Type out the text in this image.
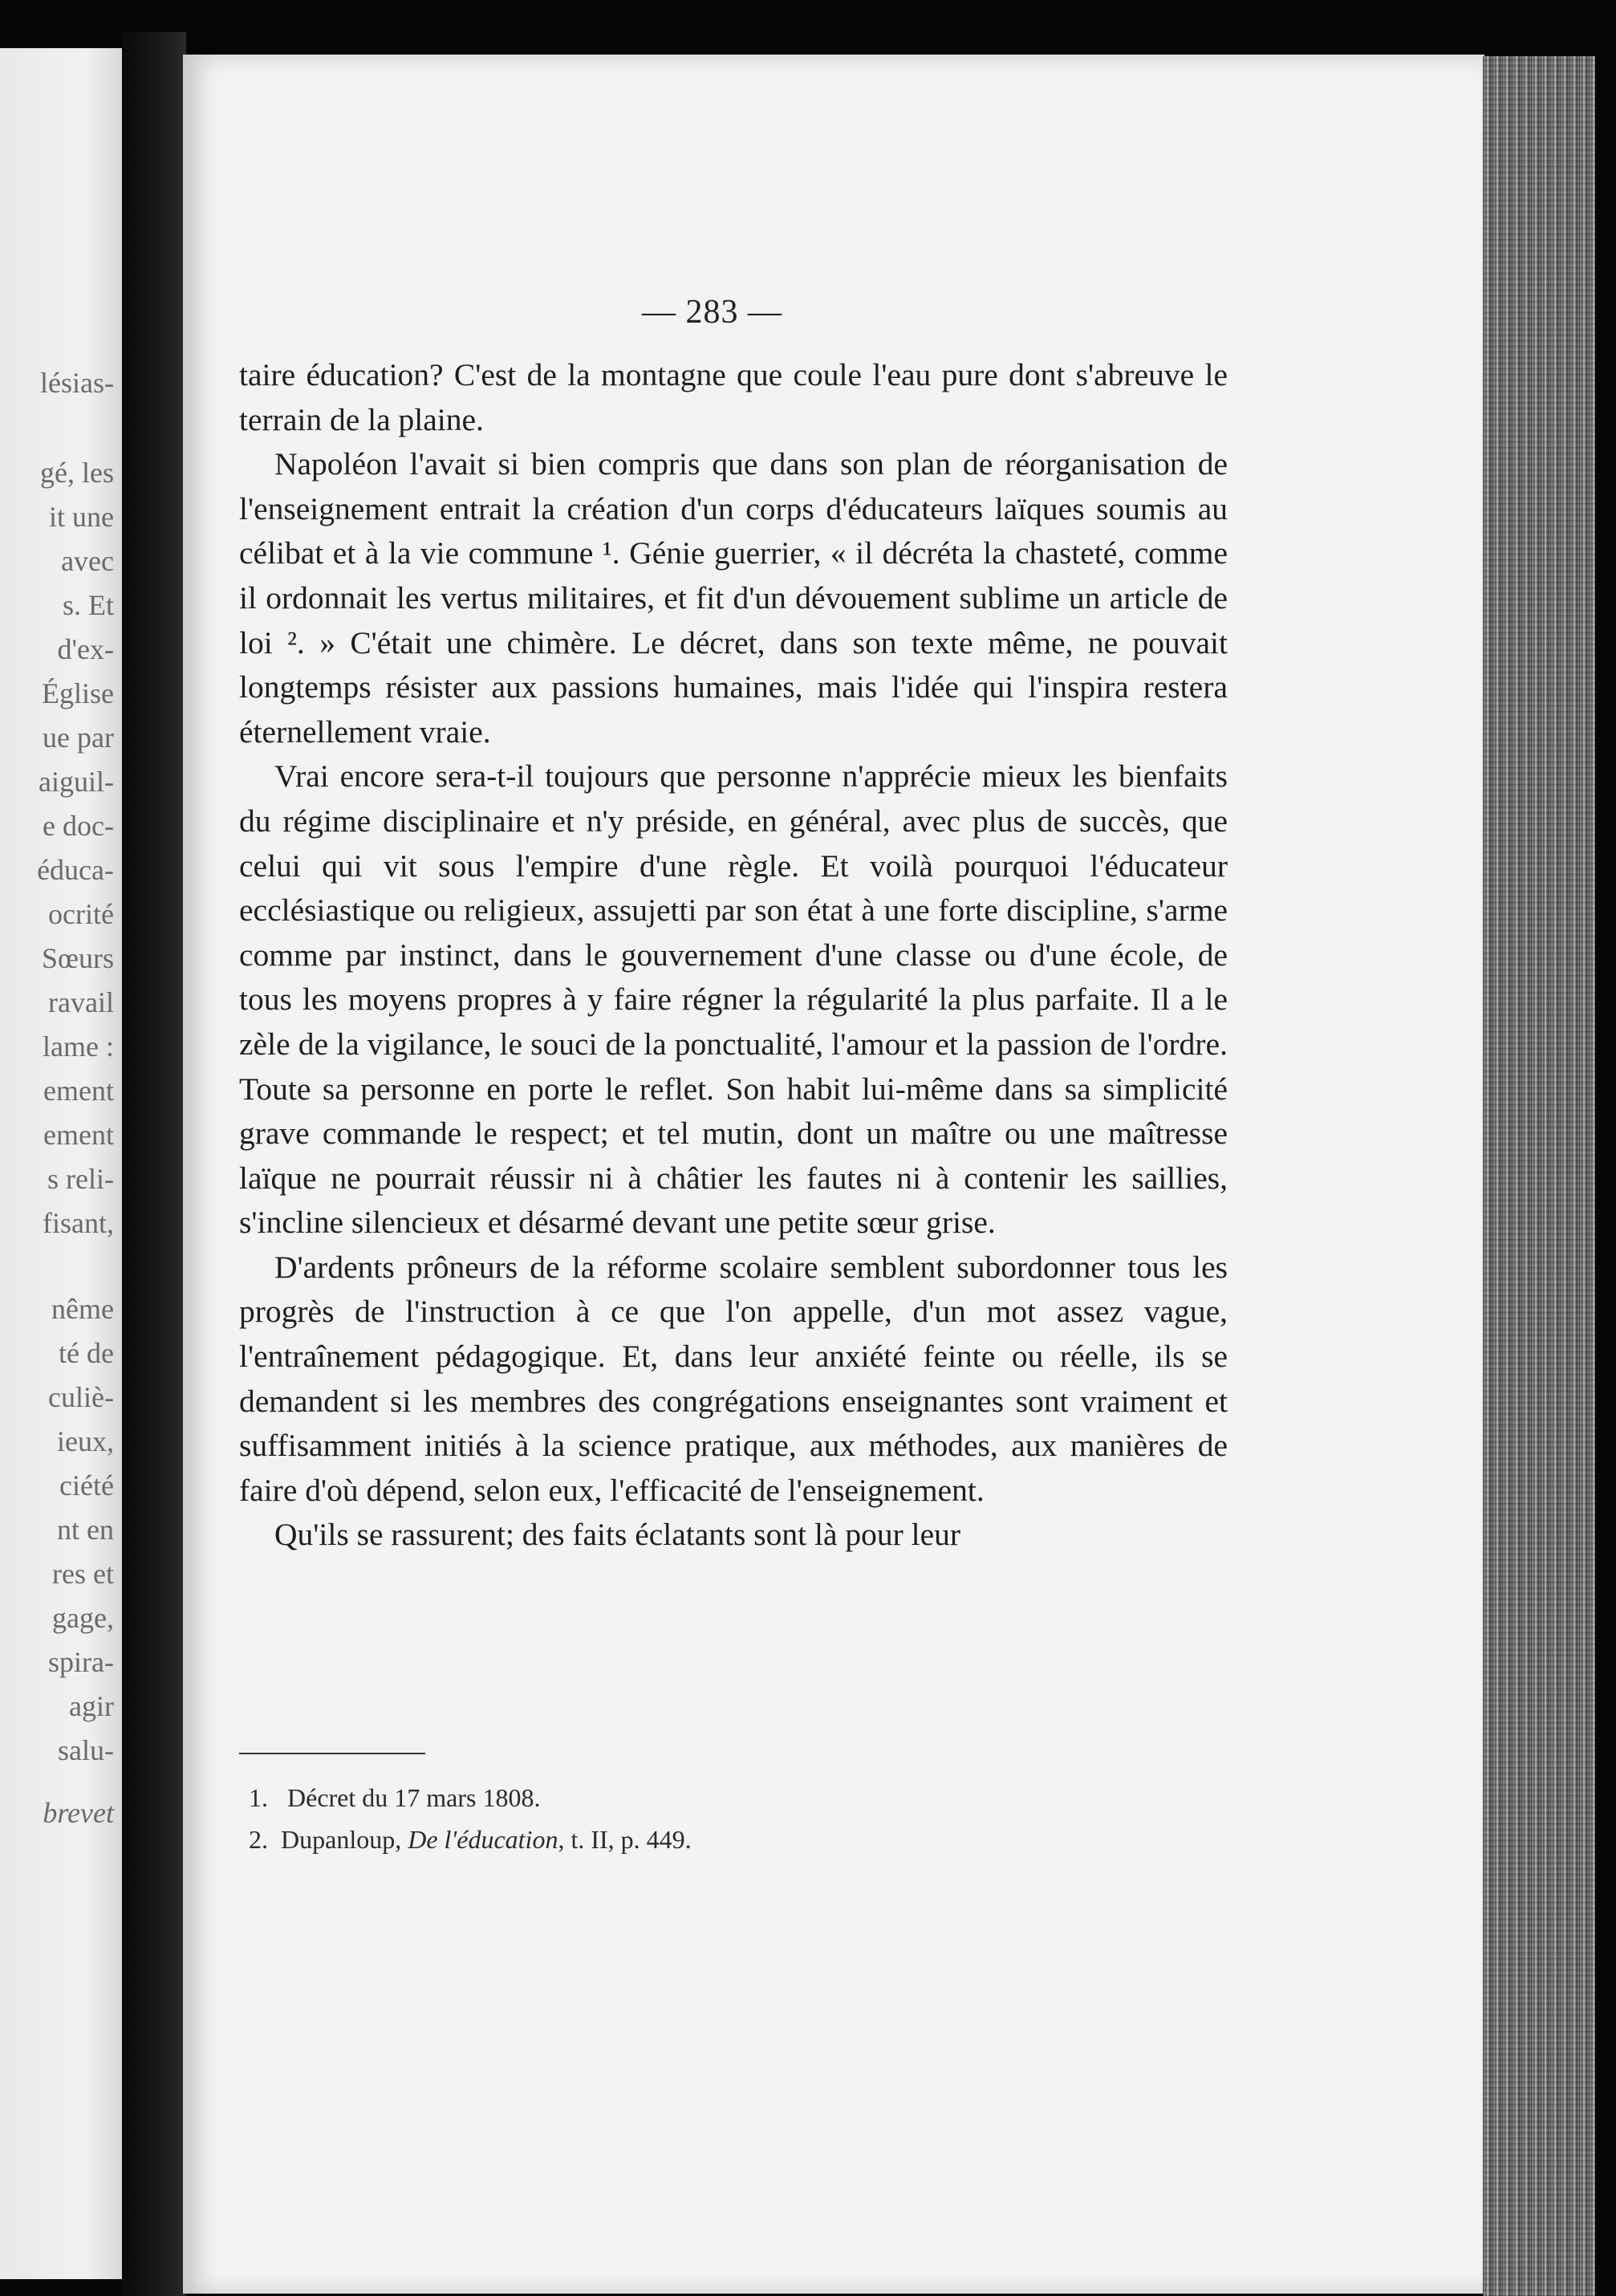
lésias-
gé, les
it une
avec
s. Et
d'ex-
Église
ue par
aiguil-
e doc-
éduca-
ocrité
Sœurs
ravail
lame :
ement
ement
s reli-
fisant,
nême
té de
culiè-
ieux,
ciété
nt en
res et
gage,
spira-
agir
salu-
brevet
— 283 —

taire éducation? C'est de la montagne que coule l'eau pure dont s'abreuve le terrain de la plaine.

Napoléon l'avait si bien compris que dans son plan de réorganisation de l'enseignement entrait la création d'un corps d'éducateurs laïques soumis au célibat et à la vie commune ¹. Génie guerrier, « il décréta la chasteté, comme il ordonnait les vertus militaires, et fit d'un dévouement sublime un article de loi ². » C'était une chimère. Le décret, dans son texte même, ne pouvait longtemps résister aux passions humaines, mais l'idée qui l'inspira restera éternellement vraie.

Vrai encore sera-t-il toujours que personne n'apprécie mieux les bienfaits du régime disciplinaire et n'y préside, en général, avec plus de succès, que celui qui vit sous l'empire d'une règle. Et voilà pourquoi l'éducateur ecclésiastique ou religieux, assujetti par son état à une forte discipline, s'arme comme par instinct, dans le gouvernement d'une classe ou d'une école, de tous les moyens propres à y faire régner la régularité la plus parfaite. Il a le zèle de la vigilance, le souci de la ponctualité, l'amour et la passion de l'ordre. Toute sa personne en porte le reflet. Son habit lui-même dans sa simplicité grave commande le respect; et tel mutin, dont un maître ou une maîtresse laïque ne pourrait réussir ni à châtier les fautes ni à contenir les saillies, s'incline silencieux et désarmé devant une petite sœur grise.

D'ardents prôneurs de la réforme scolaire semblent subordonner tous les progrès de l'instruction à ce que l'on appelle, d'un mot assez vague, l'entraînement pédagogique. Et, dans leur anxiété feinte ou réelle, ils se demandent si les membres des congrégations enseignantes sont vraiment et suffisamment initiés à la science pratique, aux méthodes, aux manières de faire d'où dépend, selon eux, l'efficacité de l'enseignement.

Qu'ils se rassurent; des faits éclatants sont là pour leur

1. Décret du 17 mars 1808.
2. Dupanloup, De l'éducation, t. II, p. 449.
